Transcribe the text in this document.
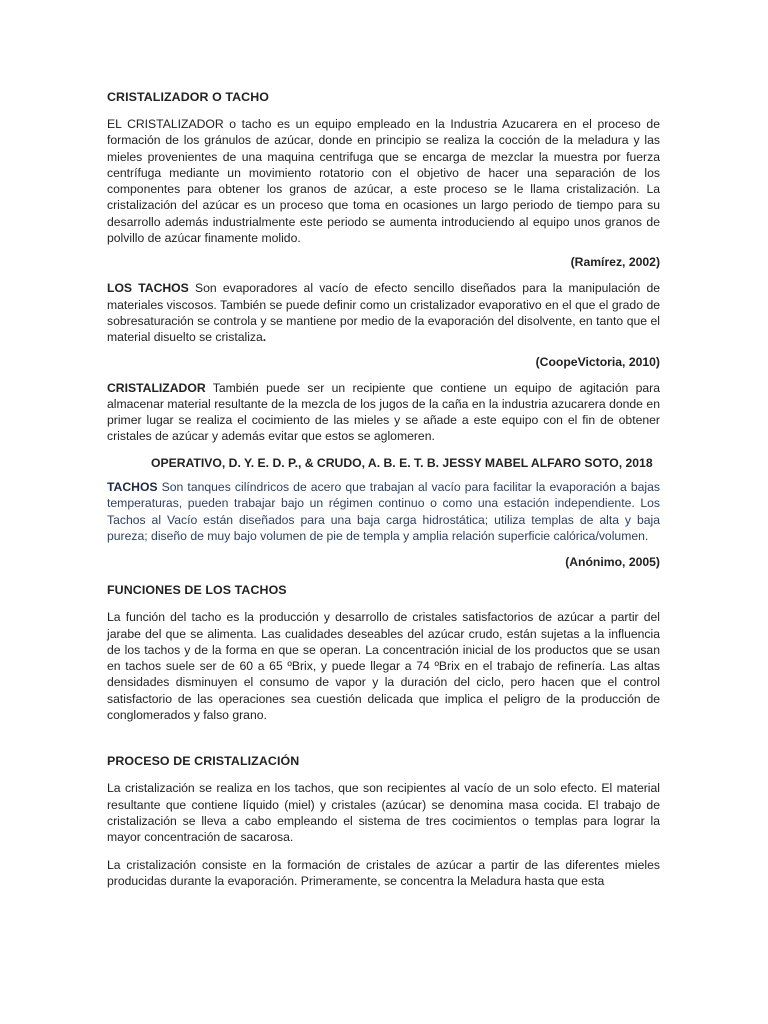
CRISTALIZADOR O TACHO

EL CRISTALIZADOR o tacho es un equipo empleado en la Industria Azucarera en el proceso de formación de los gránulos de azúcar, donde en principio se realiza la cocción de la meladura y las mieles provenientes de una maquina centrifuga que se encarga de mezclar la muestra por fuerza centrífuga mediante un movimiento rotatorio con el objetivo de hacer una separación de los componentes para obtener los granos de azúcar, a este proceso se le llama cristalización. La cristalización del azúcar es un proceso que toma en ocasiones un largo periodo de tiempo para su desarrollo además industrialmente este periodo se aumenta introduciendo al equipo unos granos de polvillo de azúcar finamente molido.

(Ramírez, 2002)

LOS TACHOS Son evaporadores al vacío de efecto sencillo diseñados para la manipulación de materiales viscosos. También se puede definir como un cristalizador evaporativo en el que el grado de sobresaturación se controla y se mantiene por medio de la evaporación del disolvente, en tanto que el material disuelto se cristaliza.

(CoopeVictoria, 2010)

CRISTALIZADOR También puede ser un recipiente que contiene un equipo de agitación para almacenar material resultante de la mezcla de los jugos de la caña en la industria azucarera donde en primer lugar se realiza el cocimiento de las mieles y se añade a este equipo con el fin de obtener cristales de azúcar y además evitar que estos se aglomeren.

OPERATIVO, D. Y. E. D. P., & CRUDO, A. B. E. T. B. JESSY MABEL ALFARO SOTO, 2018

TACHOS Son tanques cilíndricos de acero que trabajan al vacío para facilitar la evaporación a bajas temperaturas, pueden trabajar bajo un régimen continuo o como una estación independiente. Los Tachos al Vacío están diseñados para una baja carga hidrostática; utiliza templas de alta y baja pureza; diseño de muy bajo volumen de pie de templa y amplia relación superficie calórica/volumen.

(Anónimo, 2005)
FUNCIONES DE LOS TACHOS

La función del tacho es la producción y desarrollo de cristales satisfactorios de azúcar a partir del jarabe del que se alimenta. Las cualidades deseables del azúcar crudo, están sujetas a la influencia de los tachos y de la forma en que se operan. La concentración inicial de los productos que se usan en tachos suele ser de 60 a 65 ºBrix, y puede llegar a 74 ºBrix en el trabajo de refinería. Las altas densidades disminuyen el consumo de vapor y la duración del ciclo, pero hacen que el control satisfactorio de las operaciones sea cuestión delicada que implica el peligro de la producción de conglomerados y falso grano.

PROCESO DE CRISTALIZACIÓN

La cristalización se realiza en los tachos, que son recipientes al vacío de un solo efecto. El material resultante que contiene líquido (miel) y cristales (azúcar) se denomina masa cocida. El trabajo de cristalización se lleva a cabo empleando el sistema de tres cocimientos o templas para lograr la mayor concentración de sacarosa.

La cristalización consiste en la formación de cristales de azúcar a partir de las diferentes mieles producidas durante la evaporación. Primeramente, se concentra la Meladura hasta que esta
